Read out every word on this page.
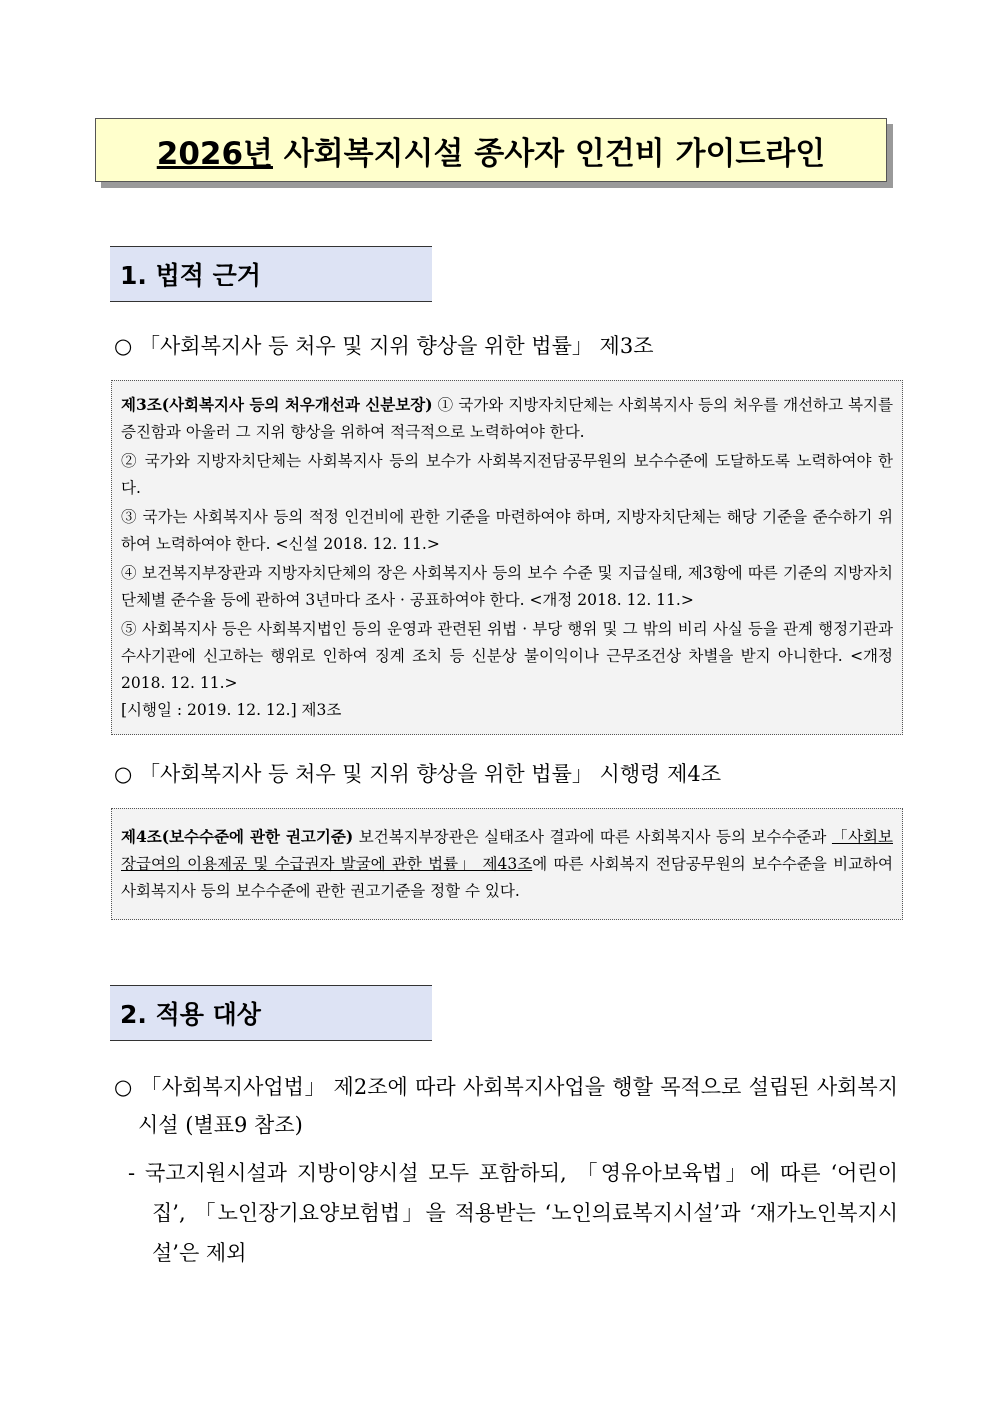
2026년 사회복지시설 종사자 인건비 가이드라인
1. 법적 근거
○ 「사회복지사 등 처우 및 지위 향상을 위한 법률」 제3조

제3조(사회복지사 등의 처우개선과 신분보장) ① 국가와 지방자치단체는 사회복지사 등의 처우를 개선하고 복지를 증진함과 아울러 그 지위 향상을 위하여 적극적으로 노력하여야 한다.

② 국가와 지방자치단체는 사회복지사 등의 보수가 사회복지전담공무원의 보수수준에 도달하도록 노력하여야 한다.

③ 국가는 사회복지사 등의 적정 인건비에 관한 기준을 마련하여야 하며, 지방자치단체는 해당 기준을 준수하기 위하여 노력하여야 한다. <신설 2018. 12. 11.>

④ 보건복지부장관과 지방자치단체의 장은 사회복지사 등의 보수 수준 및 지급실태, 제3항에 따른 기준의 지방자치단체별 준수율 등에 관하여 3년마다 조사 · 공표하여야 한다. <개정 2018. 12. 11.>

⑤ 사회복지사 등은 사회복지법인 등의 운영과 관련된 위법 · 부당 행위 및 그 밖의 비리 사실 등을 관계 행정기관과 수사기관에 신고하는 행위로 인하여 징계 조치 등 신분상 불이익이나 근무조건상 차별을 받지 아니한다. <개정 2018. 12. 11.>

[시행일 : 2019. 12. 12.] 제3조

○ 「사회복지사 등 처우 및 지위 향상을 위한 법률」 시행령 제4조

제4조(보수수준에 관한 권고기준) 보건복지부장관은 실태조사 결과에 따른 사회복지사 등의 보수수준과 「사회보장급여의 이용제공 및 수급권자 발굴에 관한 법률」 제43조에 따른 사회복지 전담공무원의 보수수준을 비교하여 사회복지사 등의 보수수준에 관한 권고기준을 정할 수 있다.

2. 적용 대상
○ 「사회복지사업법」 제2조에 따라 사회복지사업을 행할 목적으로 설립된 사회복지시설 (별표9 참조)
- 국고지원시설과 지방이양시설 모두 포함하되, 「영유아보육법」에 따른 ‘어린이집’, 「노인장기요양보험법」을 적용받는 ‘노인의료복지시설’과 ‘재가노인복지시설’은 제외
